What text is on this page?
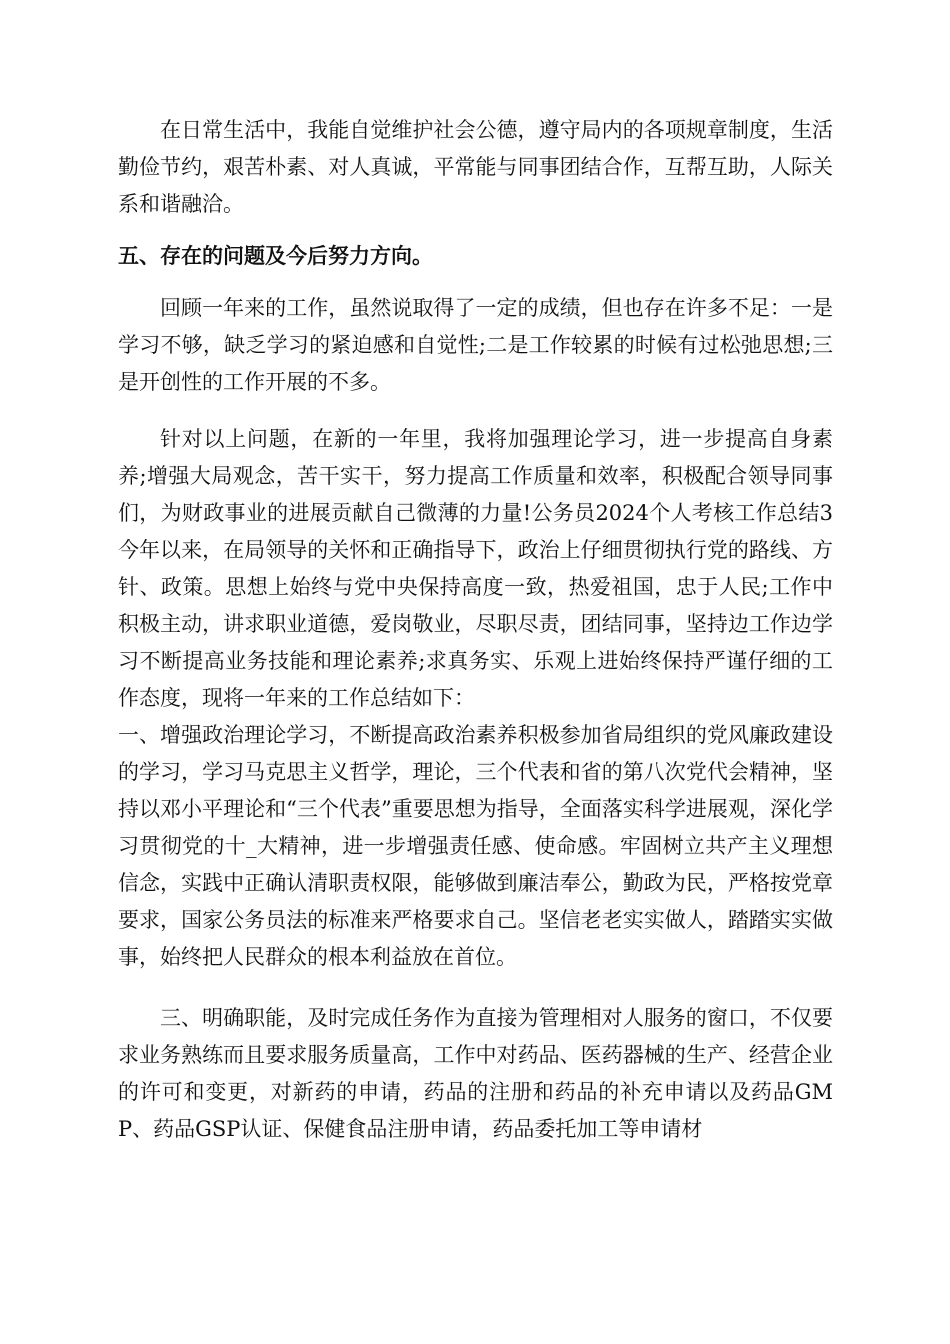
在日常生活中，我能自觉维护社会公德，遵守局内的各项规章制度，生活勤俭节约，艰苦朴素、对人真诚，平常能与同事团结合作，互帮互助，人际关系和谐融洽。

五、存在的问题及今后努力方向。

回顾一年来的工作，虽然说取得了一定的成绩，但也存在许多不足：一是学习不够，缺乏学习的紧迫感和自觉性;二是工作较累的时候有过松弛思想;三是开创性的工作开展的不多。

针对以上问题，在新的一年里，我将加强理论学习，进一步提高自身素养;增强大局观念，苦干实干，努力提高工作质量和效率，积极配合领导同事们，为财政事业的进展贡献自己微薄的力量!公务员2024个人考核工作总结3今年以来，在局领导的关怀和正确指导下，政治上仔细贯彻执行党的路线、方针、政策。思想上始终与党中央保持高度一致，热爱祖国，忠于人民;工作中积极主动，讲求职业道德，爱岗敬业，尽职尽责，团结同事，坚持边工作边学习不断提高业务技能和理论素养;求真务实、乐观上进始终保持严谨仔细的工作态度，现将一年来的工作总结如下：

一、增强政治理论学习，不断提高政治素养积极参加省局组织的党风廉政建设的学习，学习马克思主义哲学，理论，三个代表和省的第八次党代会精神，坚持以邓小平理论和“三个代表”重要思想为指导，全面落实科学进展观，深化学习贯彻党的十_大精神，进一步增强责任感、使命感。牢固树立共产主义理想信念，实践中正确认清职责权限，能够做到廉洁奉公，勤政为民，严格按党章要求，国家公务员法的标准来严格要求自己。坚信老老实实做人，踏踏实实做事，始终把人民群众的根本利益放在首位。

三、明确职能，及时完成任务作为直接为管理相对人服务的窗口，不仅要求业务熟练而且要求服务质量高，工作中对药品、医药器械的生产、经营企业的许可和变更，对新药的申请，药品的注册和药品的补充申请以及药品GMP、药品GSP认证、保健食品注册申请，药品委托加工等申请材
